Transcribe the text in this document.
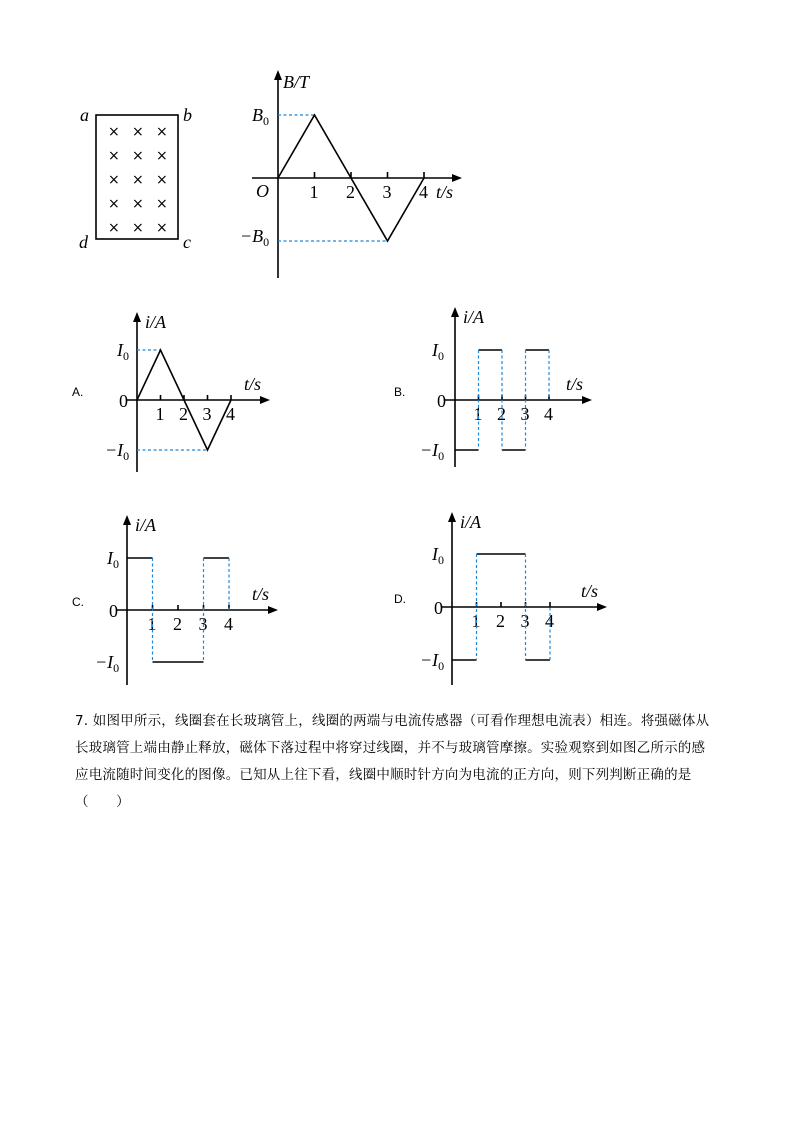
a	b
d	c
× × ×
× × ×
× × ×
× × ×
× × ×
B/T
t/s
O
$B_0$
$-B_0$
1 2 3 4
A.
i/A
t/s
0
$I_0$
$-I_0$
1 2 3 4
B.
i/A
t/s
0
$I_0$
$-I_0$
1 2 3 4
C.
i/A
t/s
0
$I_0$
$-I_0$
1 2 3 4
D.
i/A
t/s
0
$I_0$
$-I_0$
1 2 3 4
7. 如图甲所示，线圈套在长玻璃管上，线圈的两端与电流传感器（可看作理想电流表）相连。将强磁体从
长玻璃管上端由静止释放，磁体下落过程中将穿过线圈，并不与玻璃管摩擦。实验观察到如图乙所示的感
应电流随时间变化的图像。已知从上往下看，线圈中顺时针方向为电流的正方向，则下列判断正确的是
（　　）
